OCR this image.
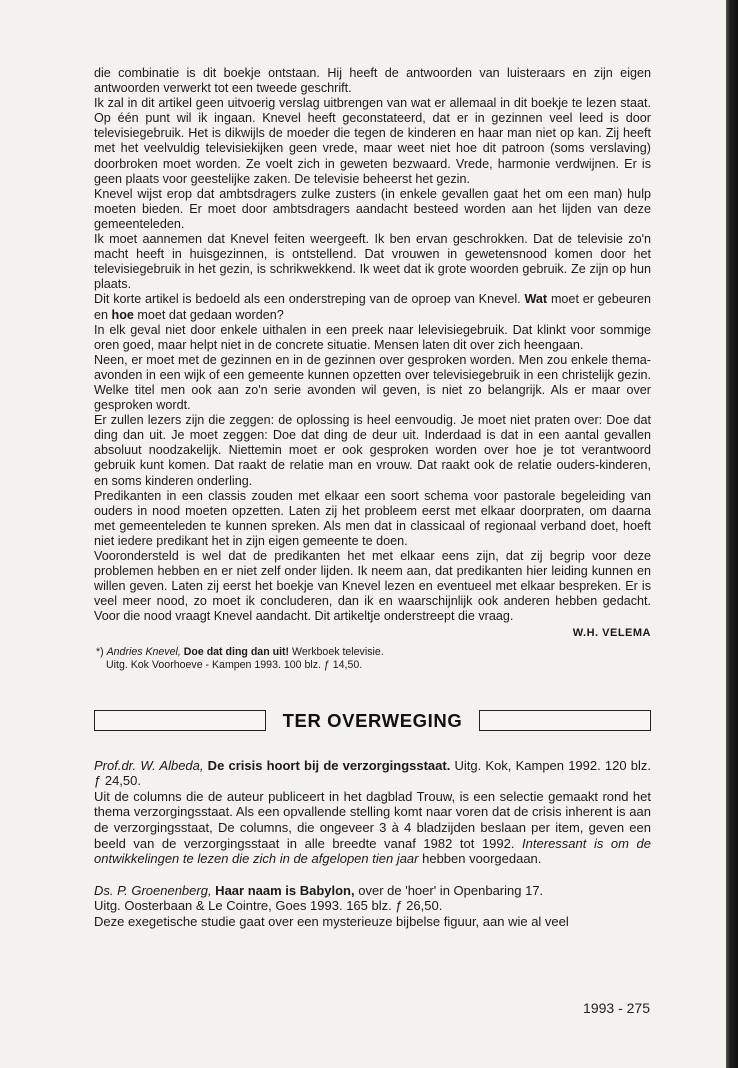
die combinatie is dit boekje ontstaan. Hij heeft de antwoorden van luisteraars en zijn eigen antwoorden verwerkt tot een tweede geschrift.

Ik zal in dit artikel geen uitvoerig verslag uitbrengen van wat er allemaal in dit boekje te lezen staat. Op één punt wil ik ingaan. Knevel heeft geconstateerd, dat er in gezinnen veel leed is door televisiegebruik. Het is dikwijls de moeder die tegen de kinderen en haar man niet op kan. Zij heeft met het veelvuldig televisiekijken geen vrede, maar weet niet hoe dit patroon (soms verslaving) doorbroken moet worden. Ze voelt zich in geweten bezwaard. Vrede, harmonie verdwijnen. Er is geen plaats voor geestelijke zaken. De televisie beheerst het gezin.

Knevel wijst erop dat ambtsdragers zulke zusters (in enkele gevallen gaat het om een man) hulp moeten bieden. Er moet door ambtsdragers aandacht besteed worden aan het lijden van deze gemeenteleden.

Ik moet aannemen dat Knevel feiten weergeeft. Ik ben ervan geschrokken. Dat de televisie zo'n macht heeft in huisgezinnen, is ontstellend. Dat vrouwen in gewetensnood komen door het televisiegebruik in het gezin, is schrikwekkend. Ik weet dat ik grote woorden gebruik. Ze zijn op hun plaats.

Dit korte artikel is bedoeld als een onderstreping van de oproep van Knevel. Wat moet er gebeuren en hoe moet dat gedaan worden?

In elk geval niet door enkele uithalen in een preek naar lelevisiegebruik. Dat klinkt voor sommige oren goed, maar helpt niet in de concrete situatie. Mensen laten dit over zich heengaan.

Neen, er moet met de gezinnen en in de gezinnen over gesproken worden. Men zou enkele thema-avonden in een wijk of een gemeente kunnen opzetten over televisiegebruik in een christelijk gezin. Welke titel men ook aan zo'n serie avonden wil geven, is niet zo belangrijk. Als er maar over gesproken wordt.

Er zullen lezers zijn die zeggen: de oplossing is heel eenvoudig. Je moet niet praten over: Doe dat ding dan uit. Je moet zeggen: Doe dat ding de deur uit. Inderdaad is dat in een aantal gevallen absoluut noodzakelijk. Niettemin moet er ook gesproken worden over hoe je tot verantwoord gebruik kunt komen. Dat raakt de relatie man en vrouw. Dat raakt ook de relatie ouders-kinderen, en soms kinderen onderling.

Predikanten in een classis zouden met elkaar een soort schema voor pastorale begeleiding van ouders in nood moeten opzetten. Laten zij het probleem eerst met elkaar doorpraten, om daarna met gemeenteleden te kunnen spreken. Als men dat in classicaal of regionaal verband doet, hoeft niet iedere predikant het in zijn eigen gemeente te doen.

Voorondersteld is wel dat de predikanten het met elkaar eens zijn, dat zij begrip voor deze problemen hebben en er niet zelf onder lijden. Ik neem aan, dat predikanten hier leiding kunnen en willen geven. Laten zij eerst het boekje van Knevel lezen en eventueel met elkaar bespreken. Er is veel meer nood, zo moet ik concluderen, dan ik en waarschijnlijk ook anderen hebben gedacht. Voor die nood vraagt Knevel aandacht. Dit artikeltje onderstreept die vraag.

W.H. VELEMA
*) Andries Knevel, Doe dat ding dan uit! Werkboek televisie.
Uitg. Kok Voorhoeve - Kampen 1993. 100 blz. ƒ 14,50.
TER OVERWEGING

Prof.dr. W. Albeda, De crisis hoort bij de verzorgingsstaat. Uitg. Kok, Kampen 1992. 120 blz. ƒ 24,50.
Uit de columns die de auteur publiceert in het dagblad Trouw, is een selectie gemaakt rond het thema verzorgingsstaat. Als een opvallende stelling komt naar voren dat de crisis inherent is aan de verzorgingsstaat, De columns, die ongeveer 3 à 4 bladzijden beslaan per item, geven een beeld van de verzorgingsstaat in alle breedte vanaf 1982 tot 1992. Interessant is om de ontwikkelingen te lezen die zich in de afgelopen tien jaar hebben voorgedaan.

Ds. P. Groenenberg, Haar naam is Babylon, over de 'hoer' in Openbaring 17.
Uitg. Oosterbaan & Le Cointre, Goes 1993. 165 blz. ƒ 26,50.
Deze exegetische studie gaat over een mysterieuze bijbelse figuur, aan wie al veel

1993 - 275
